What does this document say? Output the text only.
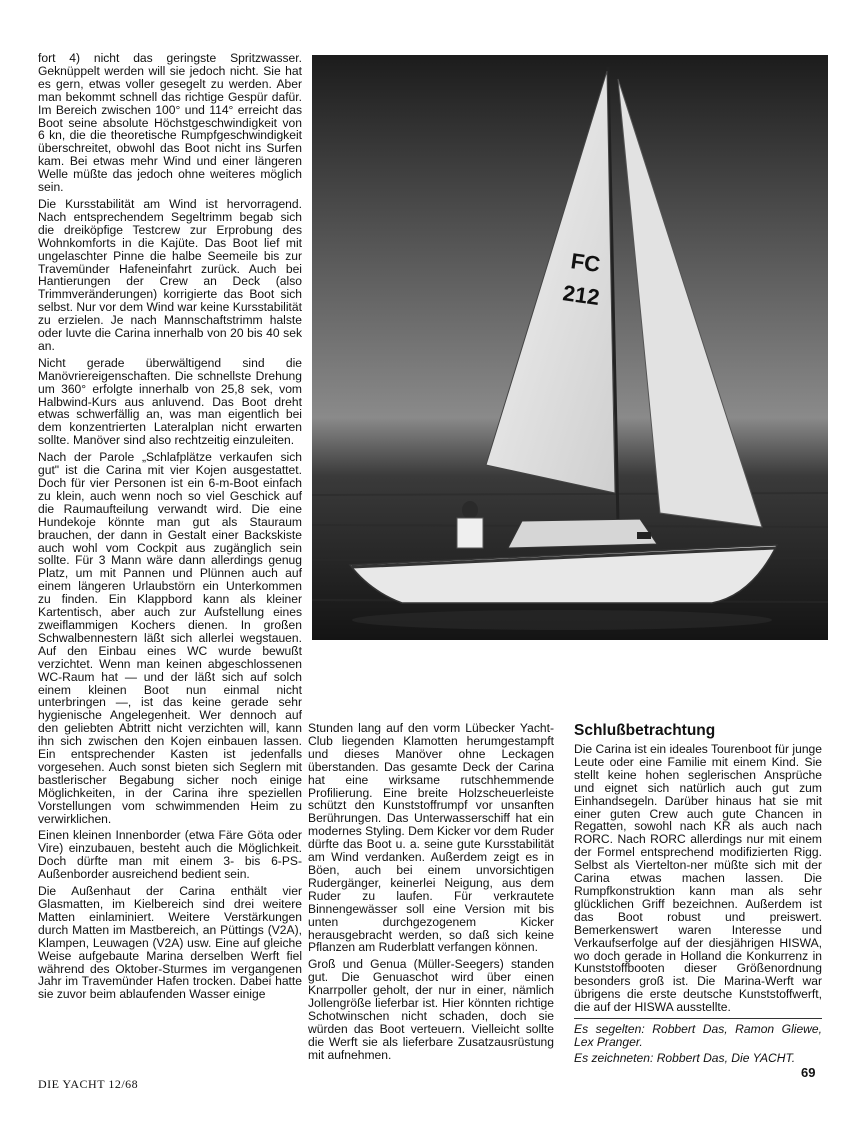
fort 4) nicht das geringste Spritzwasser. Geknüppelt werden will sie jedoch nicht. Sie hat es gern, etwas voller gesegelt zu werden. Aber man bekommt schnell das richtige Gespür dafür. Im Bereich zwischen 100° und 114° erreicht das Boot seine absolute Höchstgeschwindigkeit von 6 kn, die die theoretische Rumpfgeschwindigkeit überschreitet, obwohl das Boot nicht ins Surfen kam. Bei etwas mehr Wind und einer längeren Welle müßte das jedoch ohne weiteres möglich sein.

Die Kursstabilität am Wind ist hervorragend. Nach entsprechendem Segeltrimm begab sich die dreiköpfige Testcrew zur Erprobung des Wohnkomforts in die Kajüte. Das Boot lief mit ungelaschter Pinne die halbe Seemeile bis zur Travemünder Hafeneinfahrt zurück. Auch bei Hantierungen der Crew an Deck (also Trimmveränderungen) korrigierte das Boot sich selbst. Nur vor dem Wind war keine Kursstabilität zu erzielen. Je nach Mannschaftstrimm halste oder luvte die Carina innerhalb von 20 bis 40 sek an.

Nicht gerade überwältigend sind die Manövriereigenschaften. Die schnellste Drehung um 360° erfolgte innerhalb von 25,8 sek, vom Halbwind-Kurs aus anluvend. Das Boot dreht etwas schwerfällig an, was man eigentlich bei dem konzentrierten Lateralplan nicht erwarten sollte. Manöver sind also rechtzeitig einzuleiten.

Nach der Parole „Schlafplätze verkaufen sich gut" ist die Carina mit vier Kojen ausgestattet. Doch für vier Personen ist ein 6-m-Boot einfach zu klein, auch wenn noch so viel Geschick auf die Raumaufteilung verwandt wird. Die eine Hundekoje könnte man gut als Stauraum brauchen, der dann in Gestalt einer Backskiste auch wohl vom Cockpit aus zugänglich sein sollte. Für 3 Mann wäre dann allerdings genug Platz, um mit Pannen und Plünnen auch auf einem längeren Urlaubstörn ein Unterkommen zu finden. Ein Klappbord kann als kleiner Kartentisch, aber auch zur Aufstellung eines zweiflammigen Kochers dienen. In großen Schwalbennestern läßt sich allerlei wegstauen. Auf den Einbau eines WC wurde bewußt verzichtet. Wenn man keinen abgeschlossenen WC-Raum hat — und der läßt sich auf solch einem kleinen Boot nun einmal nicht unterbringen —, ist das keine gerade sehr hygienische Angelegenheit. Wer dennoch auf den geliebten Abtritt nicht verzichten will, kann ihn sich zwischen den Kojen einbauen lassen. Ein entsprechender Kasten ist jedenfalls vorgesehen. Auch sonst bieten sich Seglern mit bastlerischer Begabung sicher noch einige Möglichkeiten, in der Carina ihre speziellen Vorstellungen vom schwimmenden Heim zu verwirklichen.

Einen kleinen Innenborder (etwa Färe Göta oder Vire) einzubauen, besteht auch die Möglichkeit. Doch dürfte man mit einem 3- bis 6-PS-Außenborder ausreichend bedient sein.

Die Außenhaut der Carina enthält vier Glasmatten, im Kielbereich sind drei weitere Matten einlaminiert. Weitere Verstärkungen durch Matten im Mastbereich, an Püttings (V2A), Klampen, Leuwagen (V2A) usw. Eine auf gleiche Weise aufgebaute Marina derselben Werft fiel während des Oktober-Sturmes im vergangenen Jahr im Travemünder Hafen trocken. Dabei hatte sie zuvor beim ablaufenden Wasser einige

FC
212

Stunden lang auf den vorm Lübecker Yacht-Club liegenden Klamotten herumgestampft und dieses Manöver ohne Leckagen überstanden. Das gesamte Deck der Carina hat eine wirksame rutschhemmende Profilierung. Eine breite Holzscheuerleiste schützt den Kunststoffrumpf vor unsanften Berührungen. Das Unterwasserschiff hat ein modernes Styling. Dem Kicker vor dem Ruder dürfte das Boot u. a. seine gute Kursstabilität am Wind verdanken. Außerdem zeigt es in Böen, auch bei einem unvorsichtigen Rudergänger, keinerlei Neigung, aus dem Ruder zu laufen. Für verkrautete Binnengewässer soll eine Version mit bis unten durchgezogenem Kicker herausgebracht werden, so daß sich keine Pflanzen am Ruderblatt verfangen können.

Groß und Genua (Müller-Seegers) standen gut. Die Genuaschot wird über einen Knarrpoller geholt, der nur in einer, nämlich Jollengröße lieferbar ist. Hier könnten richtige Schotwinschen nicht schaden, doch sie würden das Boot verteuern. Vielleicht sollte die Werft sie als lieferbare Zusatzausrüstung mit aufnehmen.

Schlußbetrachtung

Die Carina ist ein ideales Tourenboot für junge Leute oder eine Familie mit einem Kind. Sie stellt keine hohen seglerischen Ansprüche und eignet sich natürlich auch gut zum Einhandsegeln. Darüber hinaus hat sie mit einer guten Crew auch gute Chancen in Regatten, sowohl nach KR als auch nach RORC. Nach RORC allerdings nur mit einem der Formel entsprechend modifizierten Rigg. Selbst als Viertelton-ner müßte sich mit der Carina etwas machen lassen. Die Rumpfkonstruktion kann man als sehr glücklichen Griff bezeichnen. Außerdem ist das Boot robust und preiswert. Bemerkenswert waren Interesse und Verkaufserfolge auf der diesjährigen HISWA, wo doch gerade in Holland die Konkurrenz in Kunststoffbooten dieser Größenordnung besonders groß ist. Die Marina-Werft war übrigens die erste deutsche Kunststoffwerft, die auf der HISWA ausstellte.

Es segelten: Robbert Das, Ramon Gliewe, Lex Pranger.
Es zeichneten: Robbert Das, Die YACHT.
DIE YACHT 12/68
69
